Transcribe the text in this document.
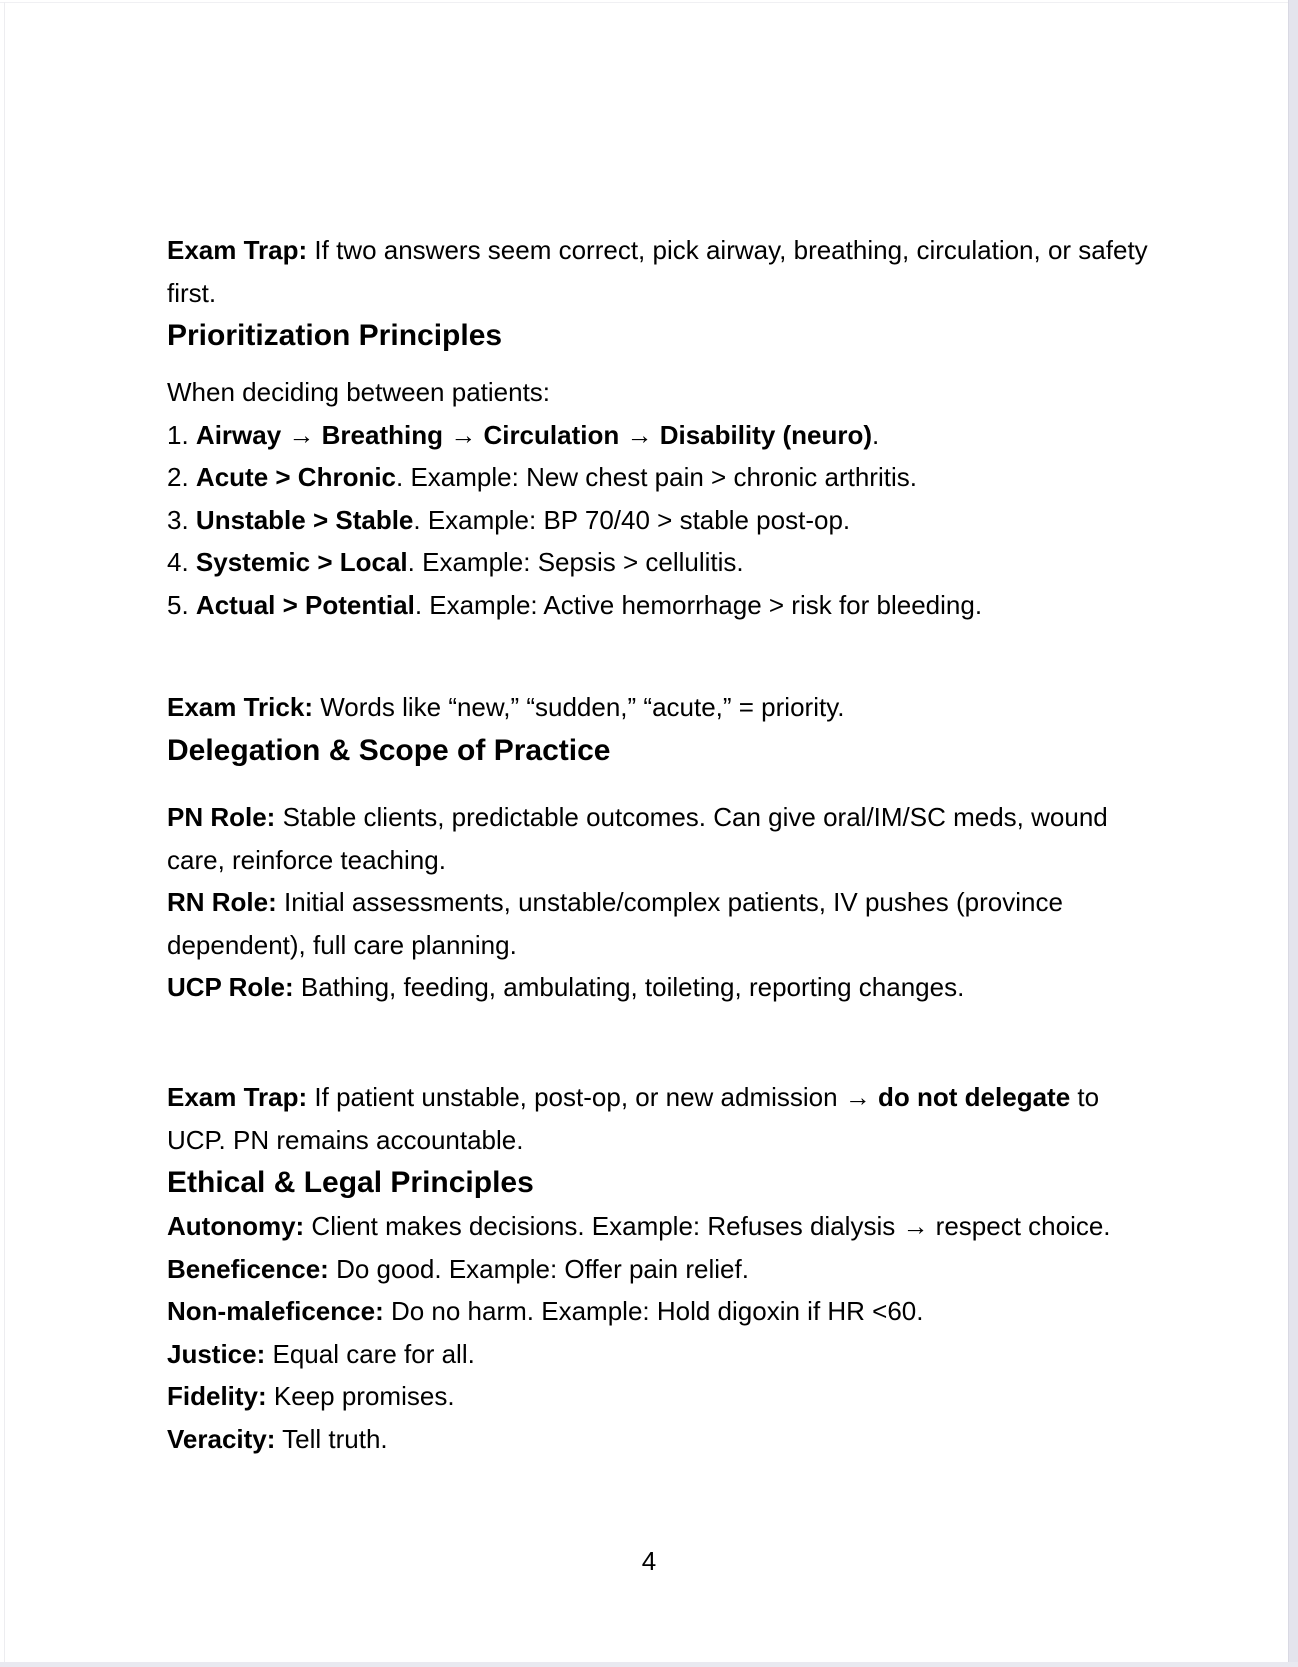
Exam Trap: If two answers seem correct, pick airway, breathing, circulation, or safety
first.

Prioritization Principles

When deciding between patients:

1. Airway → Breathing → Circulation → Disability (neuro).

2. Acute > Chronic. Example: New chest pain > chronic arthritis.

3. Unstable > Stable. Example: BP 70/40 > stable post-op.

4. Systemic > Local. Example: Sepsis > cellulitis.

5. Actual > Potential. Example: Active hemorrhage > risk for bleeding.

Exam Trick: Words like “new,” “sudden,” “acute,” = priority.

Delegation & Scope of Practice

PN Role: Stable clients, predictable outcomes. Can give oral/IM/SC meds, wound
care, reinforce teaching.

RN Role: Initial assessments, unstable/complex patients, IV pushes (province
dependent), full care planning.

UCP Role: Bathing, feeding, ambulating, toileting, reporting changes.

Exam Trap: If patient unstable, post-op, or new admission → do not delegate to
UCP. PN remains accountable.

Ethical & Legal Principles

Autonomy: Client makes decisions. Example: Refuses dialysis → respect choice.

Beneficence: Do good. Example: Offer pain relief.

Non-maleficence: Do no harm. Example: Hold digoxin if HR <60.

Justice: Equal care for all.

Fidelity: Keep promises.

Veracity: Tell truth.

4
